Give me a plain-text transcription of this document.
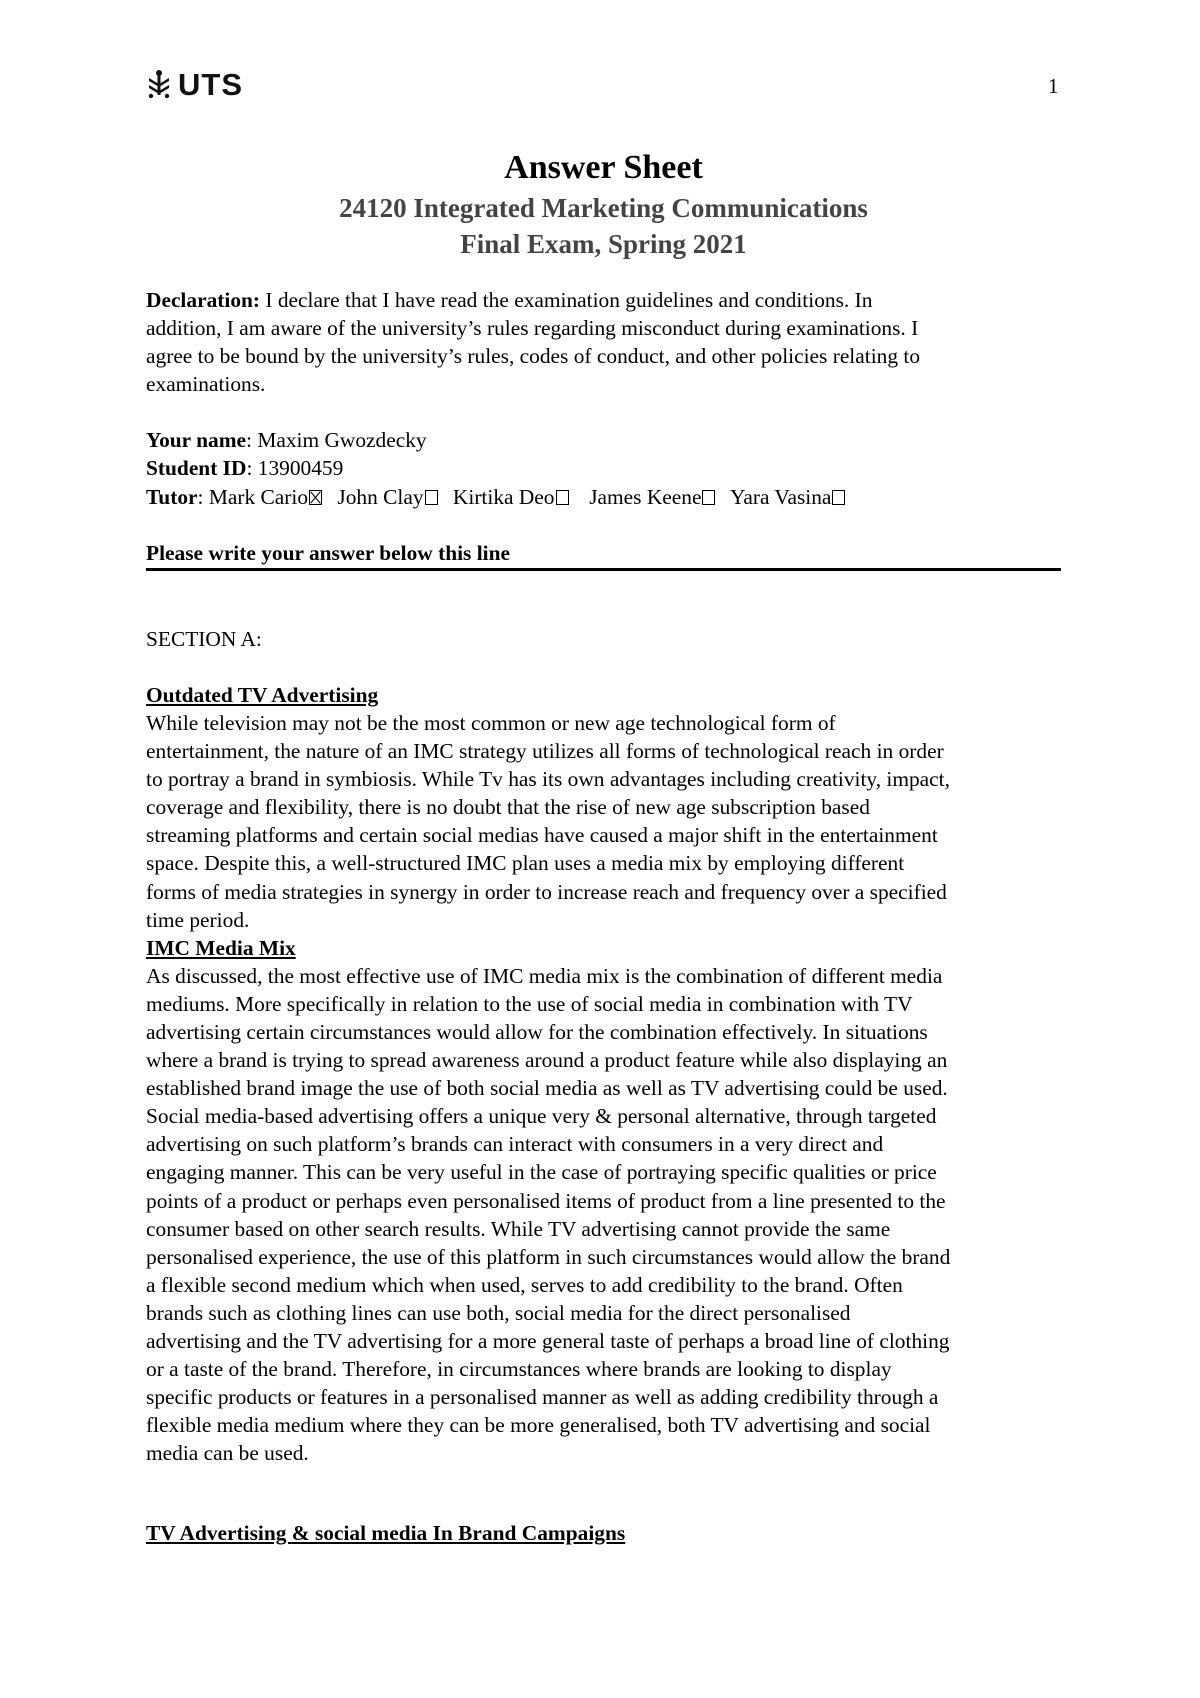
UTS	1
Answer Sheet
24120 Integrated Marketing Communications
Final Exam, Spring 2021

Declaration: I declare that I have read the examination guidelines and conditions. In
addition, I am aware of the university’s rules regarding misconduct during examinations. I
agree to be bound by the university’s rules, codes of conduct, and other policies relating to
examinations.

Your name: Maxim Gwozdecky

Student ID: 13900459

Tutor: Mark Cario John Clay Kirtika Deo James Keene Yara Vasina

Please write your answer below this line

SECTION A:

Outdated TV Advertising

While television may not be the most common or new age technological form of
entertainment, the nature of an IMC strategy utilizes all forms of technological reach in order
to portray a brand in symbiosis. While Tv has its own advantages including creativity, impact,
coverage and flexibility, there is no doubt that the rise of new age subscription based
streaming platforms and certain social medias have caused a major shift in the entertainment
space. Despite this, a well-structured IMC plan uses a media mix by employing different
forms of media strategies in synergy in order to increase reach and frequency over a specified
time period.

IMC Media Mix

As discussed, the most effective use of IMC media mix is the combination of different media
mediums. More specifically in relation to the use of social media in combination with TV
advertising certain circumstances would allow for the combination effectively. In situations
where a brand is trying to spread awareness around a product feature while also displaying an
established brand image the use of both social media as well as TV advertising could be used.
Social media-based advertising offers a unique very & personal alternative, through targeted
advertising on such platform’s brands can interact with consumers in a very direct and
engaging manner. This can be very useful in the case of portraying specific qualities or price
points of a product or perhaps even personalised items of product from a line presented to the
consumer based on other search results. While TV advertising cannot provide the same
personalised experience, the use of this platform in such circumstances would allow the brand
a flexible second medium which when used, serves to add credibility to the brand. Often
brands such as clothing lines can use both, social media for the direct personalised
advertising and the TV advertising for a more general taste of perhaps a broad line of clothing
or a taste of the brand. Therefore, in circumstances where brands are looking to display
specific products or features in a personalised manner as well as adding credibility through a
flexible media medium where they can be more generalised, both TV advertising and social
media can be used.

TV Advertising & social media In Brand Campaigns
